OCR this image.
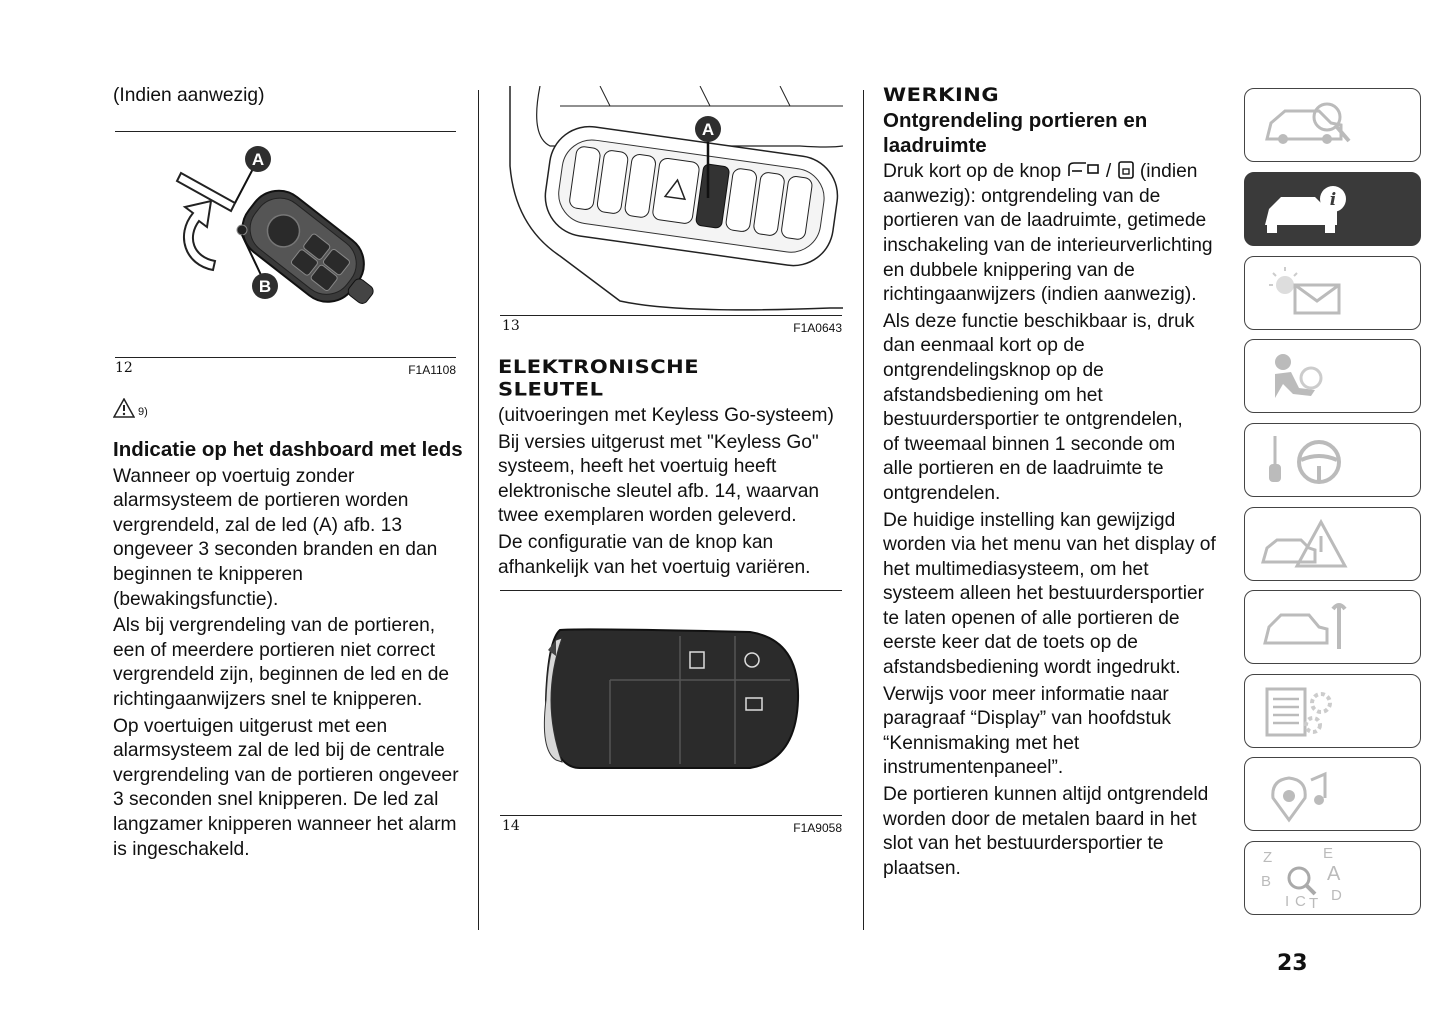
(Indien aanwezig)
A
B
12	F1A1108
9)
Indicatie op het dashboard met leds

Wanneer op voertuig zonder alarmsysteem de portieren worden vergrendeld, zal de led (A) afb. 13 ongeveer 3 seconden branden en dan beginnen te knipperen (bewakingsfunctie).

Als bij vergrendeling van de portieren, een of meerdere portieren niet correct vergrendeld zijn, beginnen de led en de richtingaanwijzers snel te knipperen.

Op voertuigen uitgerust met een alarmsysteem zal de led bij de centrale vergrendeling van de portieren ongeveer 3 seconden snel knipperen. De led zal langzamer knipperen wanneer het alarm is ingeschakeld.

A
13	F1A0643
ELEKTRONISCHE SLEUTEL

(uitvoeringen met Keyless Go-systeem)

Bij versies uitgerust met "Keyless Go" systeem, heeft het voertuig heeft elektronische sleutel afb. 14, waarvan twee exemplaren worden geleverd.

De configuratie van de knop kan afhankelijk van het voertuig variëren.

14	F1A9058
WERKING
Ontgrendeling portieren en laadruimte

Druk kort op de knop / (indien aanwezig): ontgrendeling van de portieren van de laadruimte, getimede inschakeling van de interieurverlichting en dubbele knippering van de richtingaanwijzers (indien aanwezig).

Als deze functie beschikbaar is, druk dan eenmaal kort op de ontgrendelingsknop op de afstandsbediening om het bestuurdersportier te ontgrendelen, of tweemaal binnen 1 seconde om alle portieren en de laadruimte te ontgrendelen.

De huidige instelling kan gewijzigd worden via het menu van het display of het multimediasysteem, om het systeem alleen het bestuurdersportier te laten openen of alle portieren de eerste keer dat de toets op de afstandsbediening wordt ingedrukt.

Verwijs voor meer informatie naar paragraaf “Display” van hoofdstuk “Kennismaking met het instrumentenpaneel”.

De portieren kunnen altijd ontgrendeld worden door de metalen baard in het slot van het bestuurdersportier te plaatsen.

i
Z	E
A
B
I C T D
23
